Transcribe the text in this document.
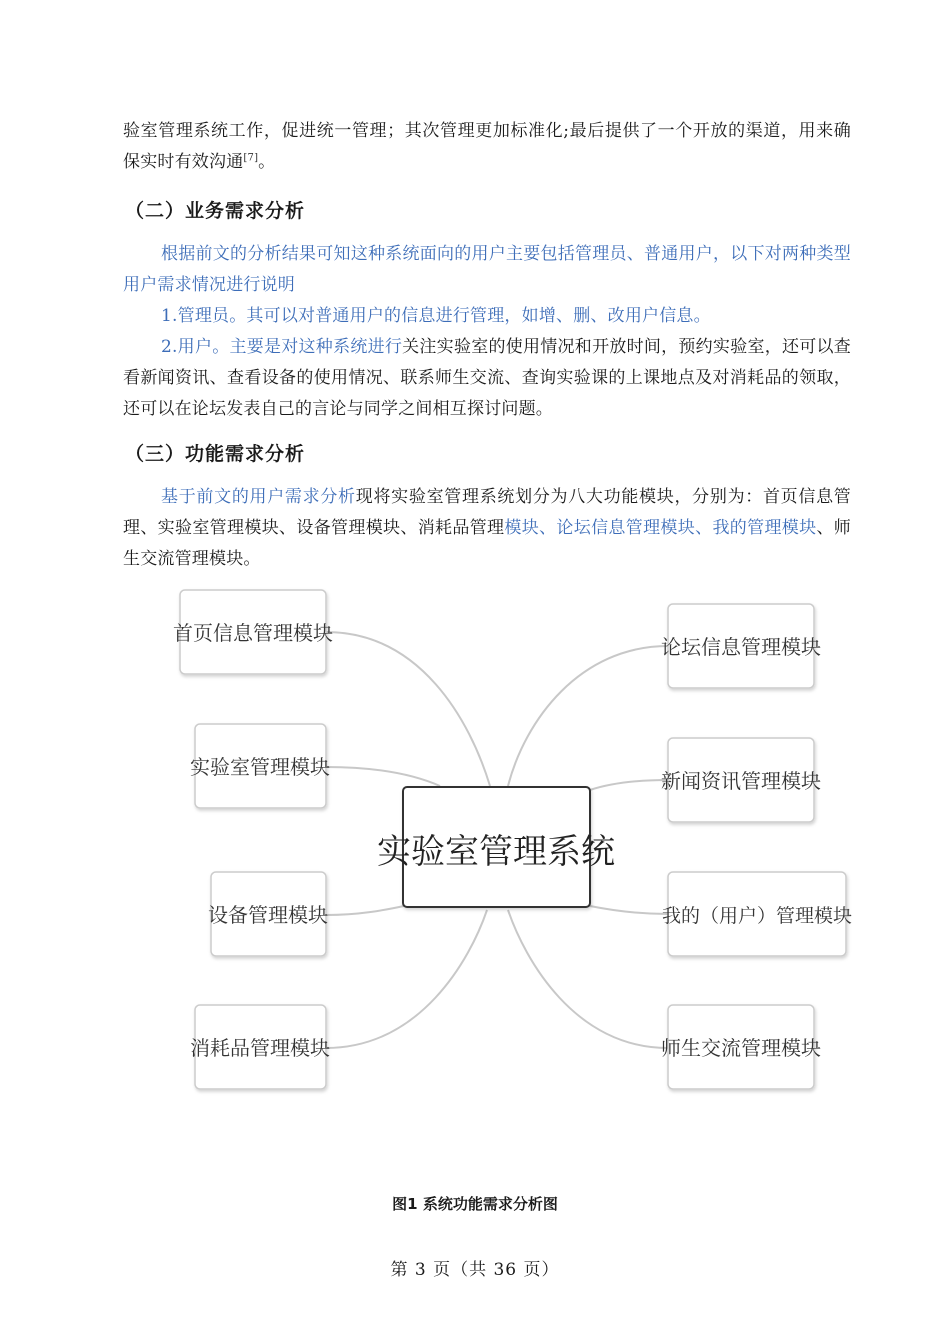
验室管理系统工作，促进统一管理；其次管理更加标准化;最后提供了一个开放的渠道，用来确保实时有效沟通[7]。

（二）业务需求分析

根据前文的分析结果可知这种系统面向的用户主要包括管理员、普通用户，以下对两种类型用户需求情况进行说明

1.管理员。其可以对普通用户的信息进行管理，如增、删、改用户信息。

2.用户。主要是对这种系统进行关注实验室的使用情况和开放时间，预约实验室，还可以查看新闻资讯、查看设备的使用情况、联系师生交流、查询实验课的上课地点及对消耗品的领取，还可以在论坛发表自己的言论与同学之间相互探讨问题。

（三）功能需求分析

基于前文的用户需求分析现将实验室管理系统划分为八大功能模块，分别为：首页信息管理、实验室管理模块、设备管理模块、消耗品管理模块、论坛信息管理模块、我的管理模块、师生交流管理模块。

首页信息管理模块
实验室管理模块
设备管理模块
消耗品管理模块
实验室管理系统
论坛信息管理模块
新闻资讯管理模块
我的（用户）管理模块
师生交流管理模块

图1 系统功能需求分析图

第 3 页（共 36 页）
